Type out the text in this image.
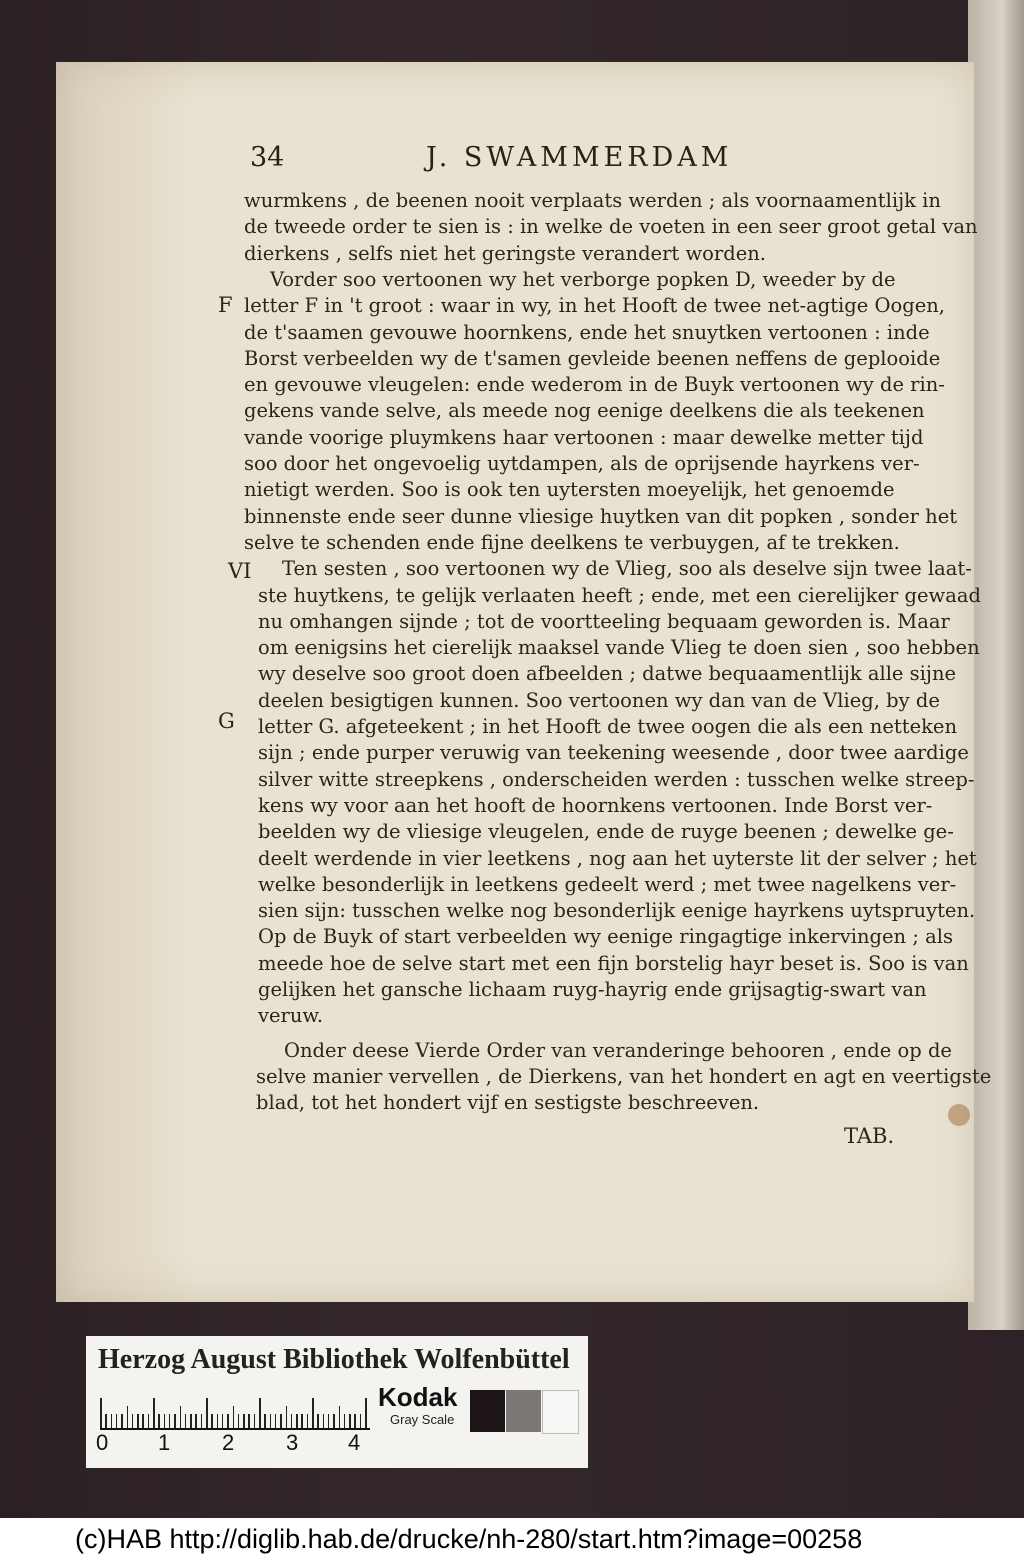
34	J. SWAMMERDAM
wurmkens , de beenen nooit verplaats werden ; als voornaamentlijk in
de tweede order te sien is : in welke de voeten in een seer groot getal van
dierkens , selfs niet het geringste verandert worden.
Vorder soo vertoonen wy het verborge popken D, weeder by de
letter F in 't groot : waar in wy, in het Hooft de twee net-agtige Oogen,
de t'saamen gevouwe hoornkens, ende het snuytken vertoonen : inde
Borst verbeelden wy de t'samen gevleide beenen neffens de geplooide
en gevouwe vleugelen: ende wederom in de Buyk vertoonen wy de rin-
gekens vande selve, als meede nog eenige deelkens die als teekenen
vande voorige pluymkens haar vertoonen : maar dewelke metter tijd
soo door het ongevoelig uytdampen, als de oprijsende hayrkens ver-
nietigt werden. Soo is ook ten uytersten moeyelijk, het genoemde
binnenste ende seer dunne vliesige huytken van dit popken , sonder het
selve te schenden ende fijne deelkens te verbuygen, af te trekken.
Ten sesten , soo vertoonen wy de Vlieg, soo als deselve sijn twee laat-
ste huytkens, te gelijk verlaaten heeft ; ende, met een cierelijker gewaad
nu omhangen sijnde ; tot de voortteeling bequaam geworden is. Maar
om eenigsins het cierelijk maaksel vande Vlieg te doen sien , soo hebben
wy deselve soo groot doen afbeelden ; datwe bequaamentlijk alle sijne
deelen besigtigen kunnen. Soo vertoonen wy dan van de Vlieg, by de
letter G. afgeteekent ; in het Hooft de twee oogen die als een netteken
sijn ; ende purper veruwig van teekening weesende , door twee aardige
silver witte streepkens , onderscheiden werden : tusschen welke streep-
kens wy voor aan het hooft de hoornkens vertoonen. Inde Borst ver-
beelden wy de vliesige vleugelen, ende de ruyge beenen ; dewelke ge-
deelt werdende in vier leetkens , nog aan het uyterste lit der selver ; het
welke besonderlijk in leetkens gedeelt werd ; met twee nagelkens ver-
sien sijn: tusschen welke nog besonderlijk eenige hayrkens uytspruyten.
Op de Buyk of start verbeelden wy eenige ringagtige inkervingen ; als
meede hoe de selve start met een fijn borstelig hayr beset is. Soo is van
gelijken het gansche lichaam ruyg-hayrig ende grijsagtig-swart van
veruw.
Onder deese Vierde Order van veranderinge behooren , ende op de
selve manier vervellen , de Dierkens, van het hondert en agt en veertigste
blad, tot het hondert vijf en sestigste beschreeven.
F
VI
G
TAB.
Herzog August Bibliothek Wolfenbüttel
0 1 2 3 4
Kodak
Gray Scale
(c)HAB http://diglib.hab.de/drucke/nh-280/start.htm?image=00258
